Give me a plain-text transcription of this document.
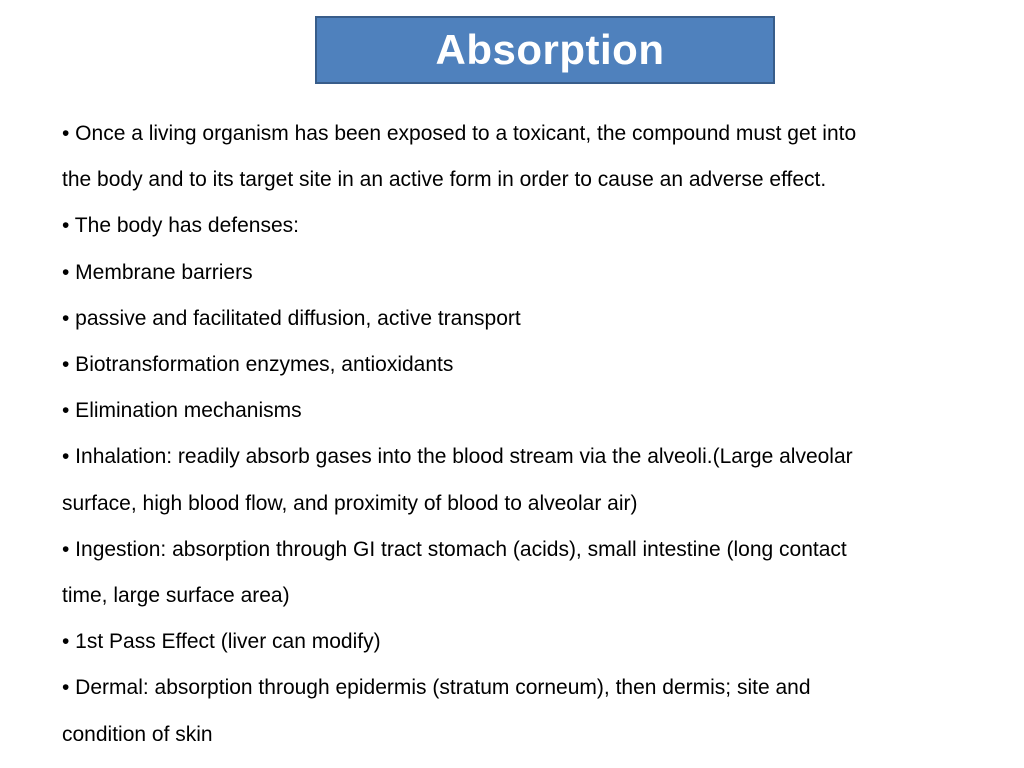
Absorption

• Once a living organism has been exposed to a toxicant, the compound must get into

the body and to its target site in an active form in order to cause an adverse effect.

• The body has defenses:

• Membrane barriers

• passive and facilitated diffusion, active transport

• Biotransformation enzymes, antioxidants

• Elimination mechanisms

• Inhalation: readily absorb gases into the blood stream via the alveoli.(Large alveolar

surface, high blood flow, and proximity of blood to alveolar air)

• Ingestion: absorption through GI tract stomach (acids), small intestine (long contact

time, large surface area)

• 1st Pass Effect (liver can modify)

• Dermal: absorption through epidermis (stratum corneum), then dermis; site and

condition of skin
